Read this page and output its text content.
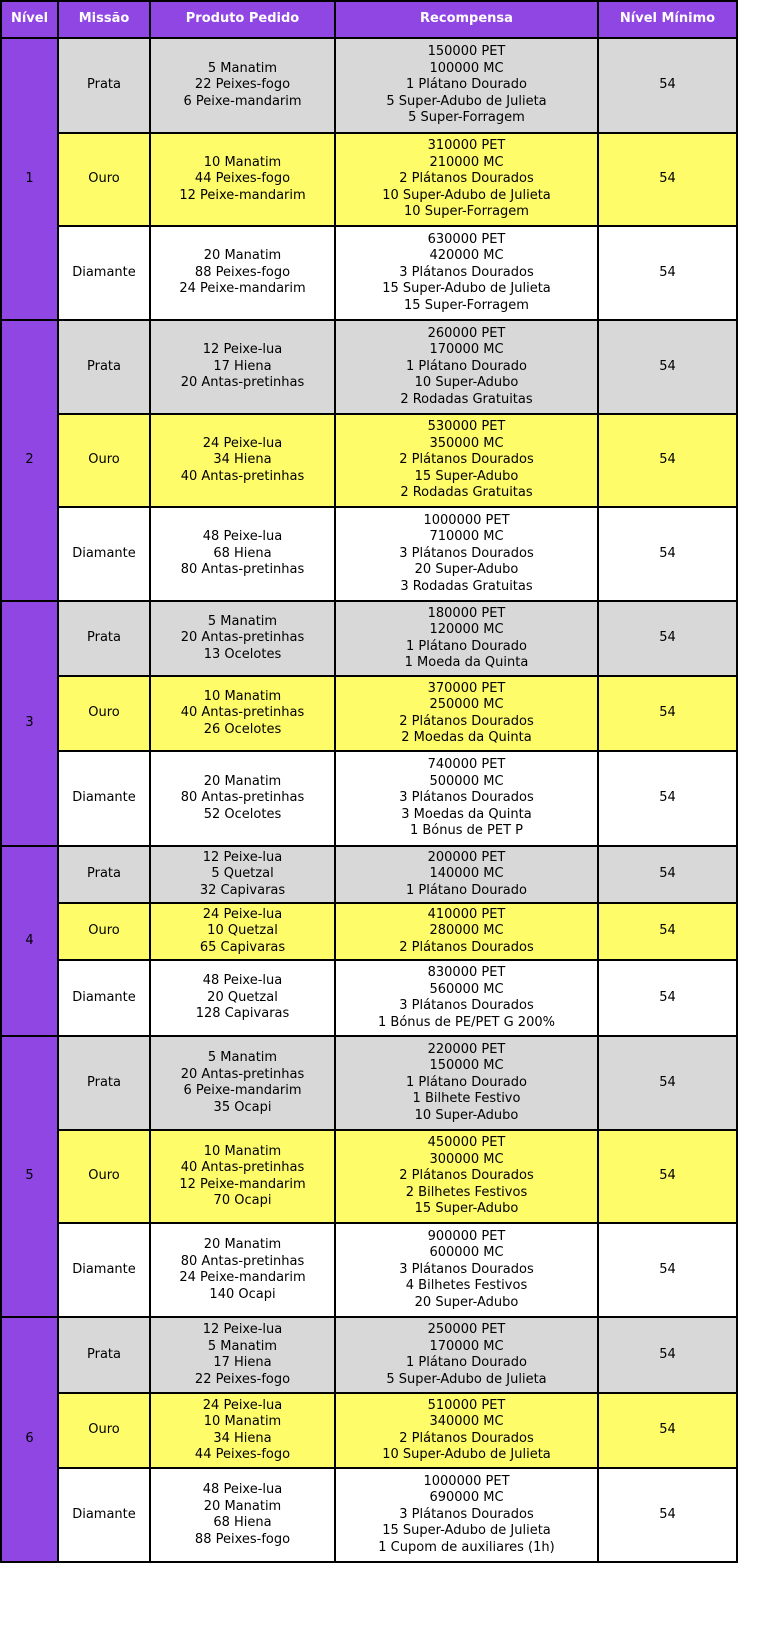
Nível	Missão	Produto Pedido	Recompensa	Nível Mínimo
1	Prata	5 Manatim
22 Peixes-fogo
6 Peixe-mandarim	150000 PET
100000 MC
1 Plátano Dourado
5 Super-Adubo de Julieta
5 Super-Forragem	54
	Ouro	10 Manatim
44 Peixes-fogo
12 Peixe-mandarim	310000 PET
210000 MC
2 Plátanos Dourados
10 Super-Adubo de Julieta
10 Super-Forragem	54
	Diamante	20 Manatim
88 Peixes-fogo
24 Peixe-mandarim	630000 PET
420000 MC
3 Plátanos Dourados
15 Super-Adubo de Julieta
15 Super-Forragem	54
2	Prata	12 Peixe-lua
17 Hiena
20 Antas-pretinhas	260000 PET
170000 MC
1 Plátano Dourado
10 Super-Adubo
2 Rodadas Gratuitas	54
	Ouro	24 Peixe-lua
34 Hiena
40 Antas-pretinhas	530000 PET
350000 MC
2 Plátanos Dourados
15 Super-Adubo
2 Rodadas Gratuitas	54
	Diamante	48 Peixe-lua
68 Hiena
80 Antas-pretinhas	1000000 PET
710000 MC
3 Plátanos Dourados
20 Super-Adubo
3 Rodadas Gratuitas	54
3	Prata	5 Manatim
20 Antas-pretinhas
13 Ocelotes	180000 PET
120000 MC
1 Plátano Dourado
1 Moeda da Quinta	54
	Ouro	10 Manatim
40 Antas-pretinhas
26 Ocelotes	370000 PET
250000 MC
2 Plátanos Dourados
2 Moedas da Quinta	54
	Diamante	20 Manatim
80 Antas-pretinhas
52 Ocelotes	740000 PET
500000 MC
3 Plátanos Dourados
3 Moedas da Quinta
1 Bónus de PET P	54
4	Prata	12 Peixe-lua
5 Quetzal
32 Capivaras	200000 PET
140000 MC
1 Plátano Dourado	54
	Ouro	24 Peixe-lua
10 Quetzal
65 Capivaras	410000 PET
280000 MC
2 Plátanos Dourados	54
	Diamante	48 Peixe-lua
20 Quetzal
128 Capivaras	830000 PET
560000 MC
3 Plátanos Dourados
1 Bónus de PE/PET G 200%	54
5	Prata	5 Manatim
20 Antas-pretinhas
6 Peixe-mandarim
35 Ocapi	220000 PET
150000 MC
1 Plátano Dourado
1 Bilhete Festivo
10 Super-Adubo	54
	Ouro	10 Manatim
40 Antas-pretinhas
12 Peixe-mandarim
70 Ocapi	450000 PET
300000 MC
2 Plátanos Dourados
2 Bilhetes Festivos
15 Super-Adubo	54
	Diamante	20 Manatim
80 Antas-pretinhas
24 Peixe-mandarim
140 Ocapi	900000 PET
600000 MC
3 Plátanos Dourados
4 Bilhetes Festivos
20 Super-Adubo	54
6	Prata	12 Peixe-lua
5 Manatim
17 Hiena
22 Peixes-fogo	250000 PET
170000 MC
1 Plátano Dourado
5 Super-Adubo de Julieta	54
	Ouro	24 Peixe-lua
10 Manatim
34 Hiena
44 Peixes-fogo	510000 PET
340000 MC
2 Plátanos Dourados
10 Super-Adubo de Julieta	54
	Diamante	48 Peixe-lua
20 Manatim
68 Hiena
88 Peixes-fogo	1000000 PET
690000 MC
3 Plátanos Dourados
15 Super-Adubo de Julieta
1 Cupom de auxiliares (1h)	54
